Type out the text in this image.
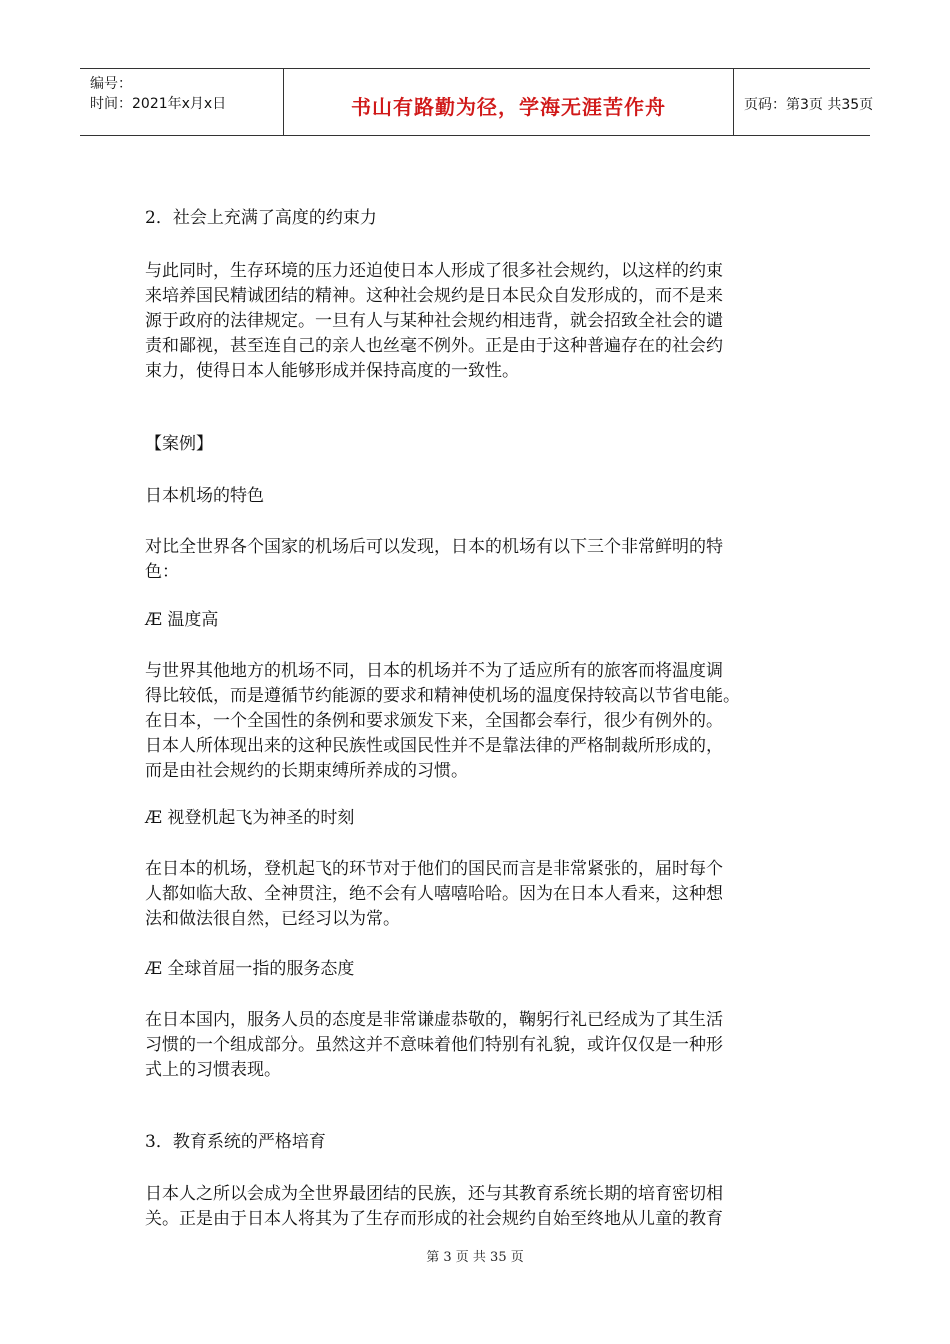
编号：
时间：2021年x月x日	书山有路勤为径，学海无涯苦作舟	页码：第3页 共35页

2．社会上充满了高度的约束力

与此同时，生存环境的压力还迫使日本人形成了很多社会规约，以这样的约束
来培养国民精诚团结的精神。这种社会规约是日本民众自发形成的，而不是来
源于政府的法律规定。一旦有人与某种社会规约相违背，就会招致全社会的谴
责和鄙视，甚至连自己的亲人也丝毫不例外。正是由于这种普遍存在的社会约
束力，使得日本人能够形成并保持高度的一致性。

【案例】

日本机场的特色

对比全世界各个国家的机场后可以发现，日本的机场有以下三个非常鲜明的特
色：

Æ 温度高

与世界其他地方的机场不同，日本的机场并不为了适应所有的旅客而将温度调
得比较低，而是遵循节约能源的要求和精神使机场的温度保持较高以节省电能。
在日本，一个全国性的条例和要求颁发下来，全国都会奉行，很少有例外的。
日本人所体现出来的这种民族性或国民性并不是靠法律的严格制裁所形成的，
而是由社会规约的长期束缚所养成的习惯。

Æ 视登机起飞为神圣的时刻

在日本的机场，登机起飞的环节对于他们的国民而言是非常紧张的，届时每个
人都如临大敌、全神贯注，绝不会有人嘻嘻哈哈。因为在日本人看来，这种想
法和做法很自然，已经习以为常。

Æ 全球首屈一指的服务态度

在日本国内，服务人员的态度是非常谦虚恭敬的，鞠躬行礼已经成为了其生活
习惯的一个组成部分。虽然这并不意味着他们特别有礼貌，或许仅仅是一种形
式上的习惯表现。

3．教育系统的严格培育

日本人之所以会成为全世界最团结的民族，还与其教育系统长期的培育密切相
关。正是由于日本人将其为了生存而形成的社会规约自始至终地从儿童的教育
第 3 页 共 35 页
